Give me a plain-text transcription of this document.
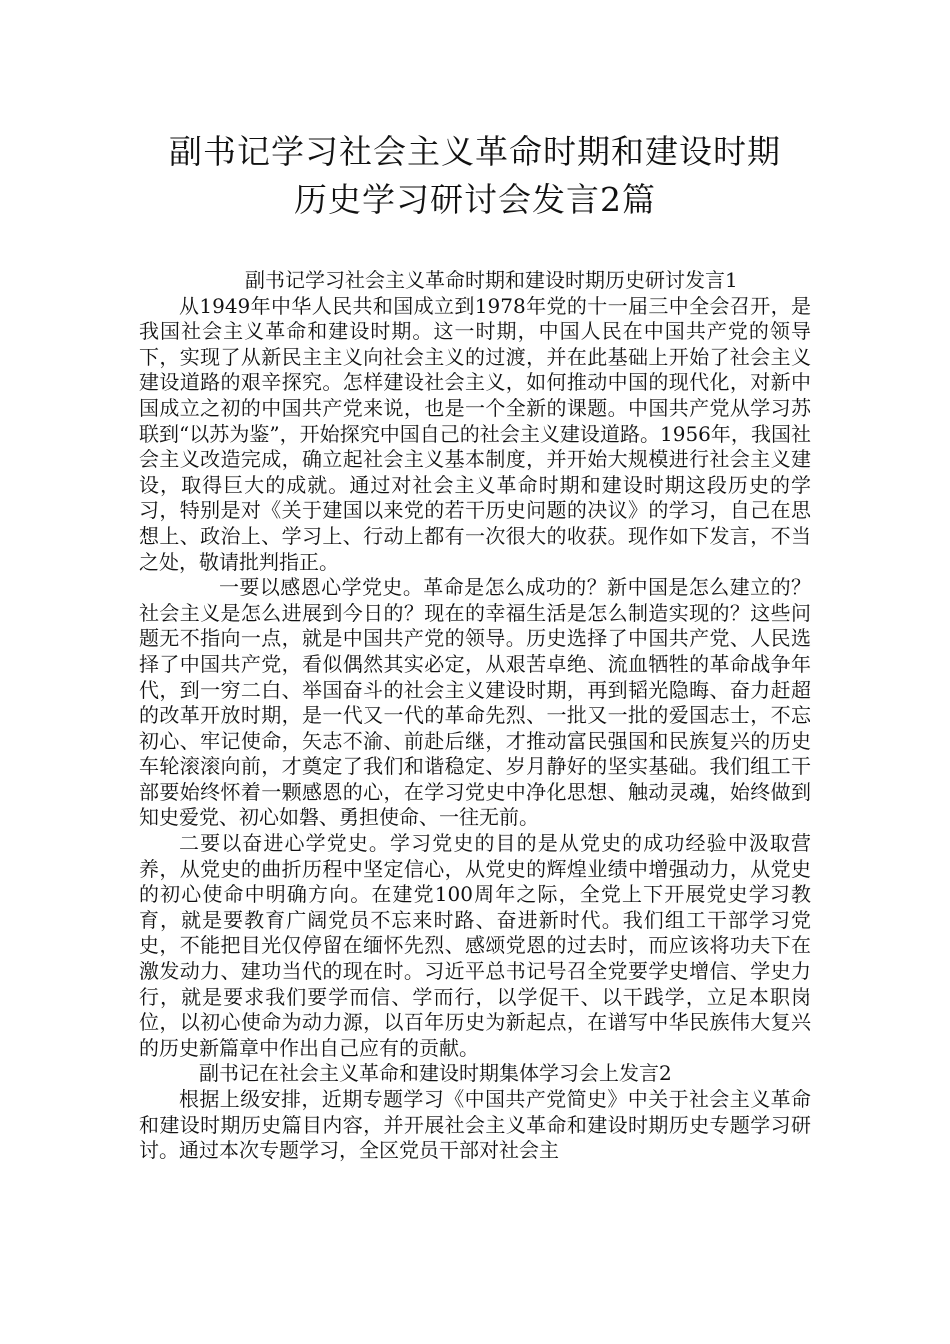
副书记学习社会主义革命时期和建设时期
历史学习研讨会发言2篇

副书记学习社会主义革命时期和建设时期历史研讨发言1

从1949年中华人民共和国成立到1978年党的十一届三中全会召开，是我国社会主义革命和建设时期。这一时期，中国人民在中国共产党的领导下，实现了从新民主主义向社会主义的过渡，并在此基础上开始了社会主义建设道路的艰辛探究。怎样建设社会主义，如何推动中国的现代化，对新中国成立之初的中国共产党来说，也是一个全新的课题。中国共产党从学习苏联到“以苏为鉴”，开始探究中国自己的社会主义建设道路。1956年，我国社会主义改造完成，确立起社会主义基本制度，并开始大规模进行社会主义建设，取得巨大的成就。通过对社会主义革命时期和建设时期这段历史的学习，特别是对《关于建国以来党的若干历史问题的决议》的学习，自己在思想上、政治上、学习上、行动上都有一次很大的收获。现作如下发言，不当之处，敬请批判指正。

一要以感恩心学党史。革命是怎么成功的？新中国是怎么建立的？社会主义是怎么进展到今日的？现在的幸福生活是怎么制造实现的？这些问题无不指向一点，就是中国共产党的领导。历史选择了中国共产党、人民选择了中国共产党，看似偶然其实必定，从艰苦卓绝、流血牺牲的革命战争年代，到一穷二白、举国奋斗的社会主义建设时期，再到韬光隐晦、奋力赶超的改革开放时期，是一代又一代的革命先烈、一批又一批的爱国志士，不忘初心、牢记使命，矢志不渝、前赴后继，才推动富民强国和民族复兴的历史车轮滚滚向前，才奠定了我们和谐稳定、岁月静好的坚实基础。我们组工干部要始终怀着一颗感恩的心，在学习党史中净化思想、触动灵魂，始终做到知史爱党、初心如磐、勇担使命、一往无前。

二要以奋进心学党史。学习党史的目的是从党史的成功经验中汲取营养，从党史的曲折历程中坚定信心，从党史的辉煌业绩中增强动力，从党史的初心使命中明确方向。在建党100周年之际，全党上下开展党史学习教育，就是要教育广阔党员不忘来时路、奋进新时代。我们组工干部学习党史，不能把目光仅停留在缅怀先烈、感颂党恩的过去时，而应该将功夫下在激发动力、建功当代的现在时。习近平总书记号召全党要学史增信、学史力行，就是要求我们要学而信、学而行，以学促干、以干践学，立足本职岗位，以初心使命为动力源，以百年历史为新起点，在谱写中华民族伟大复兴的历史新篇章中作出自己应有的贡献。

副书记在社会主义革命和建设时期集体学习会上发言2

根据上级安排，近期专题学习《中国共产党简史》中关于社会主义革命和建设时期历史篇目内容，并开展社会主义革命和建设时期历史专题学习研讨。通过本次专题学习，全区党员干部对社会主
